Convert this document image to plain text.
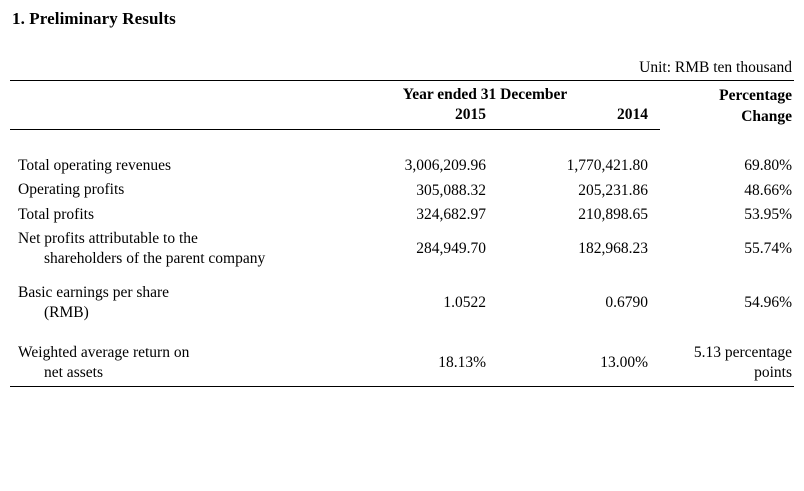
1. Preliminary Results
Unit: RMB ten thousand
	Year ended 31 December		Percentage
Change
	2015	2014	

Total operating revenues	3,006,209.96	1,770,421.80	69.80%
Operating profits	305,088.32	205,231.86	48.66%
Total profits	324,682.97	210,898.65	53.95%
Net profits attributable to the
shareholders of the parent company	284,949.70	182,968.23	55.74%

Basic earnings per share
(RMB)	1.0522	0.6790	54.96%

Weighted average return on
net assets	18.13%	13.00%	5.13 percentage
points
